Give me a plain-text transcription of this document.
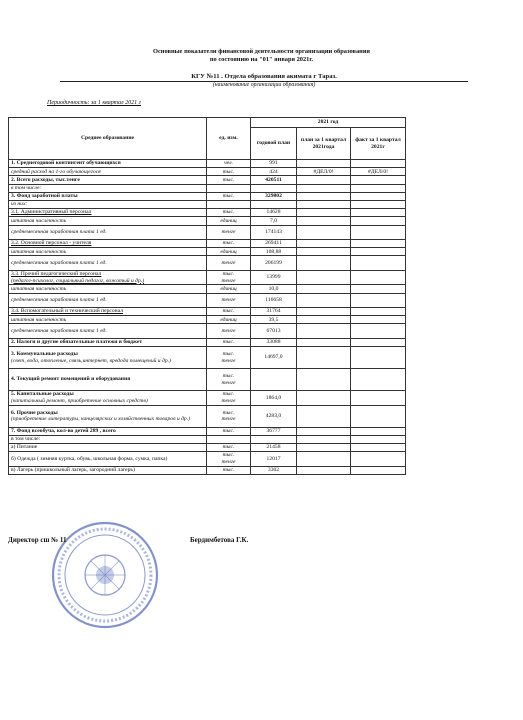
Основные показатели финансовой деятельности организации образования
по состоянию на "01" января 2021г.
КГУ №11 . Отдела образования акимата г Тараз.
(наименование организации образования)
Периодичность: за 1 квартал 2021 г
Среднее образование	ед. изм.	2021 год		
		годовой план	план за 1 квартал 2021года	факт за 1 квартал 2021г
1. Среднегодовой контингент обучающихся	чел.	991		
средний расход на 1-го обучающегося	тыс.	424	#ДЕЛ/0!	#ДЕЛ/0!
2. Всего расходы, тыс.тенге	тыс.	420511		
в том числе:				
3. Фонд заработной платы	тыс.	329802		
из них:				
3.1. Административный персонал	тыс.	14628		
штатная численность	единиц	7,0		
среднемесячная заработная плата 1 ед.	тенге	174143		
3.2. Основной персонал - учителя	тыс.	269411		
штатная численность	единиц	108,88		
среднемесячная заработная плата 1 ед.	тенге	206199		
3.3. Прочий педагогический персонал
(педагог-психолог, социальный педагог, вожатый и др.)	тыс.
тенге	13999		
штатная численность	единиц	10,0		
среднемесячная заработная плата 1 ед.	тенге	116658		
3.4. Вспомогательный и технический персонал	тыс.	31764		
штатная численность	единиц	39,5		
среднемесячная заработная плата 1 ед.	тенге	67013		
2. Налоги и другие обязательные платежи в бюджет	тыс.	33088		
3. Коммунальные расходы
(свет, вода, отопление, связь,интернет, вредода помещений и др.)	тыс.
тенге	14697,0		
4. Текущий ремонт помещений и оборудования	тыс.
тенге			
5. Капитальные расходы
(капитальный ремонт, приобретение основных средств)	тыс.
тенге	1864,0		
6. Прочие расходы
(приобретение литературы, канцелярских и хозяйственных товаров и др.)	тыс.
тенге	4283,0		
7. Фонд всеобуча, кол-во детей 289 , всего	тыс.	36777		
в том числе:				
а) Питание	тыс.	21458		
б) Одежда ( зимняя куртка, обувь, школьная форма, сумка, папка)	тыс.
тенге	12017		
в) Лагерь (пришкольный лагерь, загородний лагерь)	тыс.	3302		
Директор сш № 11	Бердимбетова Г.К.
